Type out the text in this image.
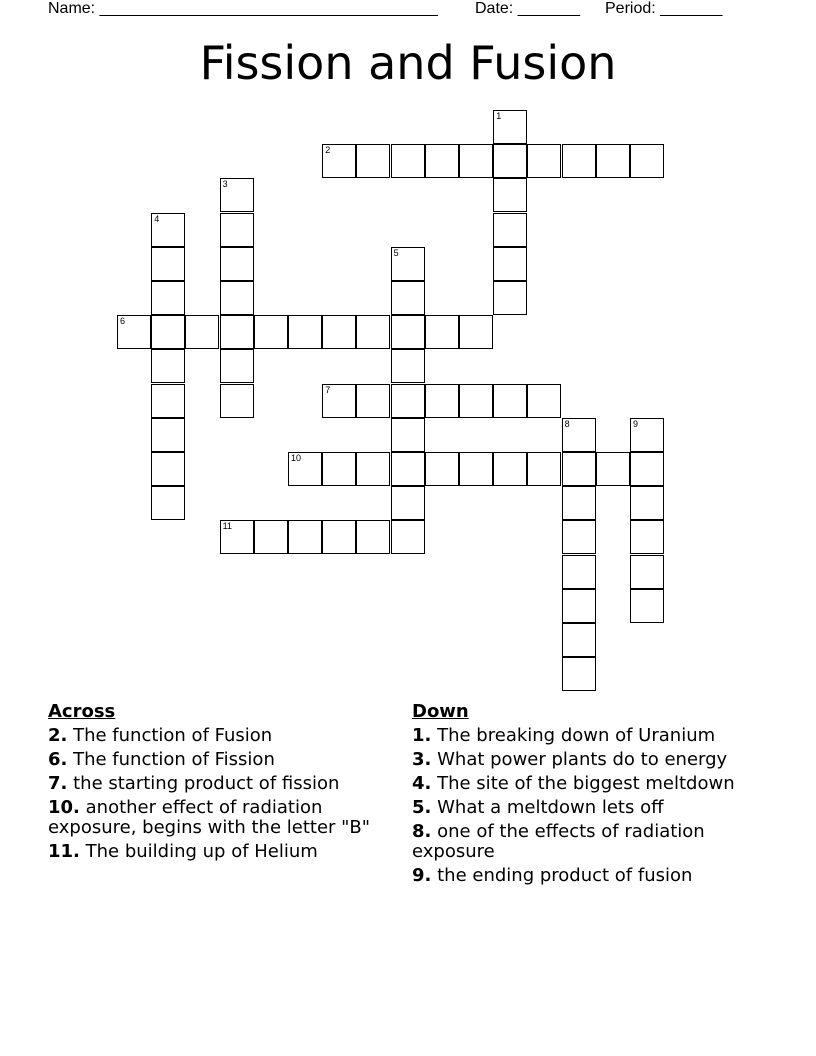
Name: ______________________________________ Date: _______ Period: _______
Fission and Fusion
1
2
3
4
5
6
7
8	9
10
11
Across
2. The function of Fusion
6. The function of Fission
7. the starting product of fission
10. another effect of radiation exposure, begins with the letter "B"
11. The building up of Helium
Down
1. The breaking down of Uranium
3. What power plants do to energy
4. The site of the biggest meltdown
5. What a meltdown lets off
8. one of the effects of radiation exposure
9. the ending product of fusion
